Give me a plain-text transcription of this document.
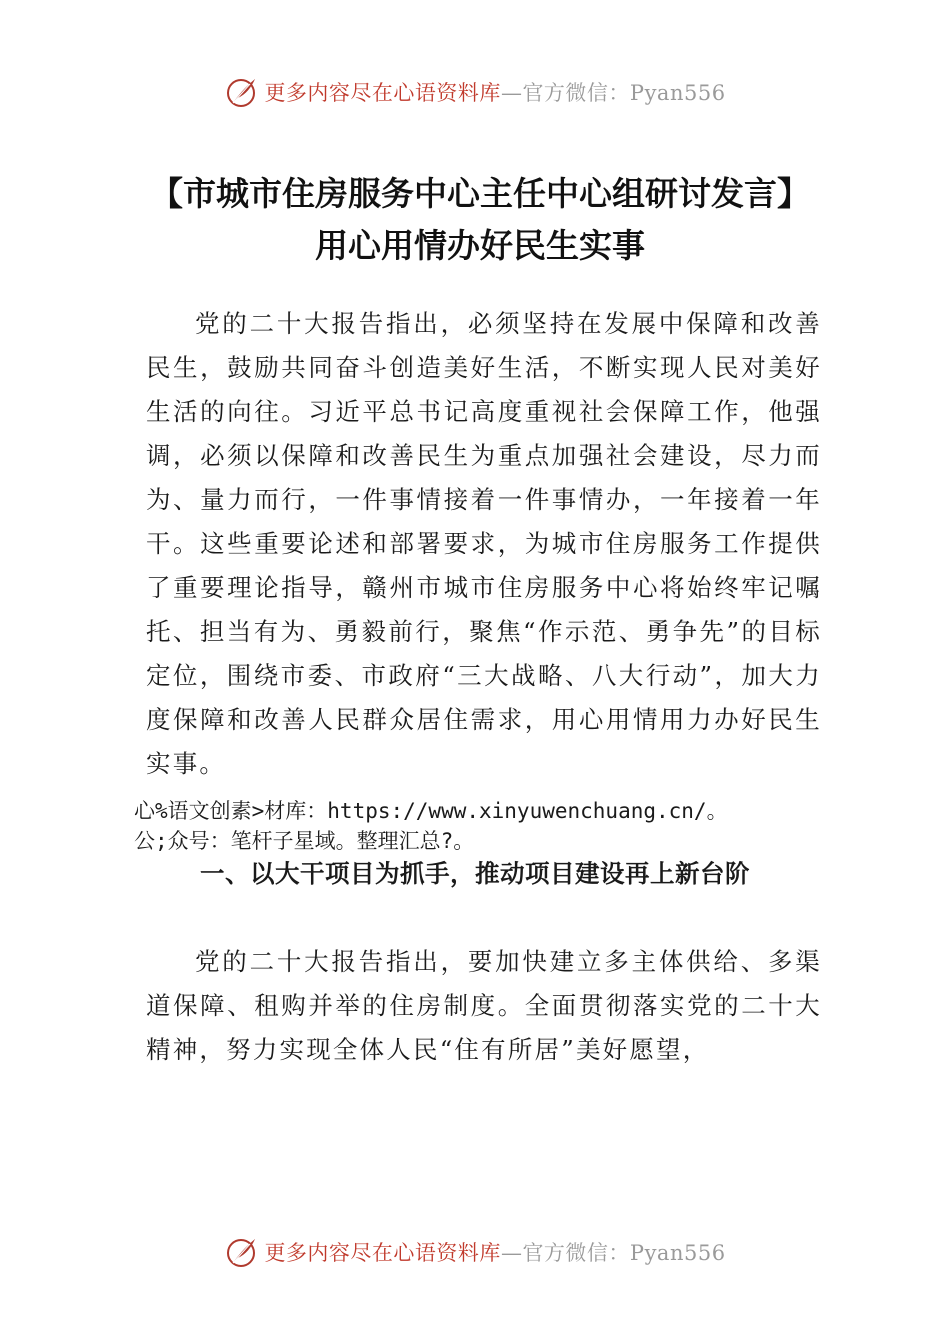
更多内容尽在心语资料库—官方微信：Pyan556
【市城市住房服务中心主任中心组研讨发言】用心用情办好民生实事

党的二十大报告指出，必须坚持在发展中保障和改善民生，鼓励共同奋斗创造美好生活，不断实现人民对美好生活的向往。习近平总书记高度重视社会保障工作，他强调，必须以保障和改善民生为重点加强社会建设，尽力而为、量力而行，一件事情接着一件事情办，一年接着一年干。这些重要论述和部署要求，为城市住房服务工作提供了重要理论指导，赣州市城市住房服务中心将始终牢记嘱托、担当有为、勇毅前行，聚焦“作示范、勇争先”的目标定位，围绕市委、市政府“三大战略、八大行动”，加大力度保障和改善人民群众居住需求，用心用情用力办好民生实事。

心%语文创素>材库：https://www.xinyuwenchuang.cn/。

公;众号：笔杆子星域。整理汇总?。

一、以大干项目为抓手，推动项目建设再上新台阶

党的二十大报告指出，要加快建立多主体供给、多渠道保障、租购并举的住房制度。全面贯彻落实党的二十大精神，努力实现全体人民“住有所居”美好愿望，

更多内容尽在心语资料库—官方微信：Pyan556
